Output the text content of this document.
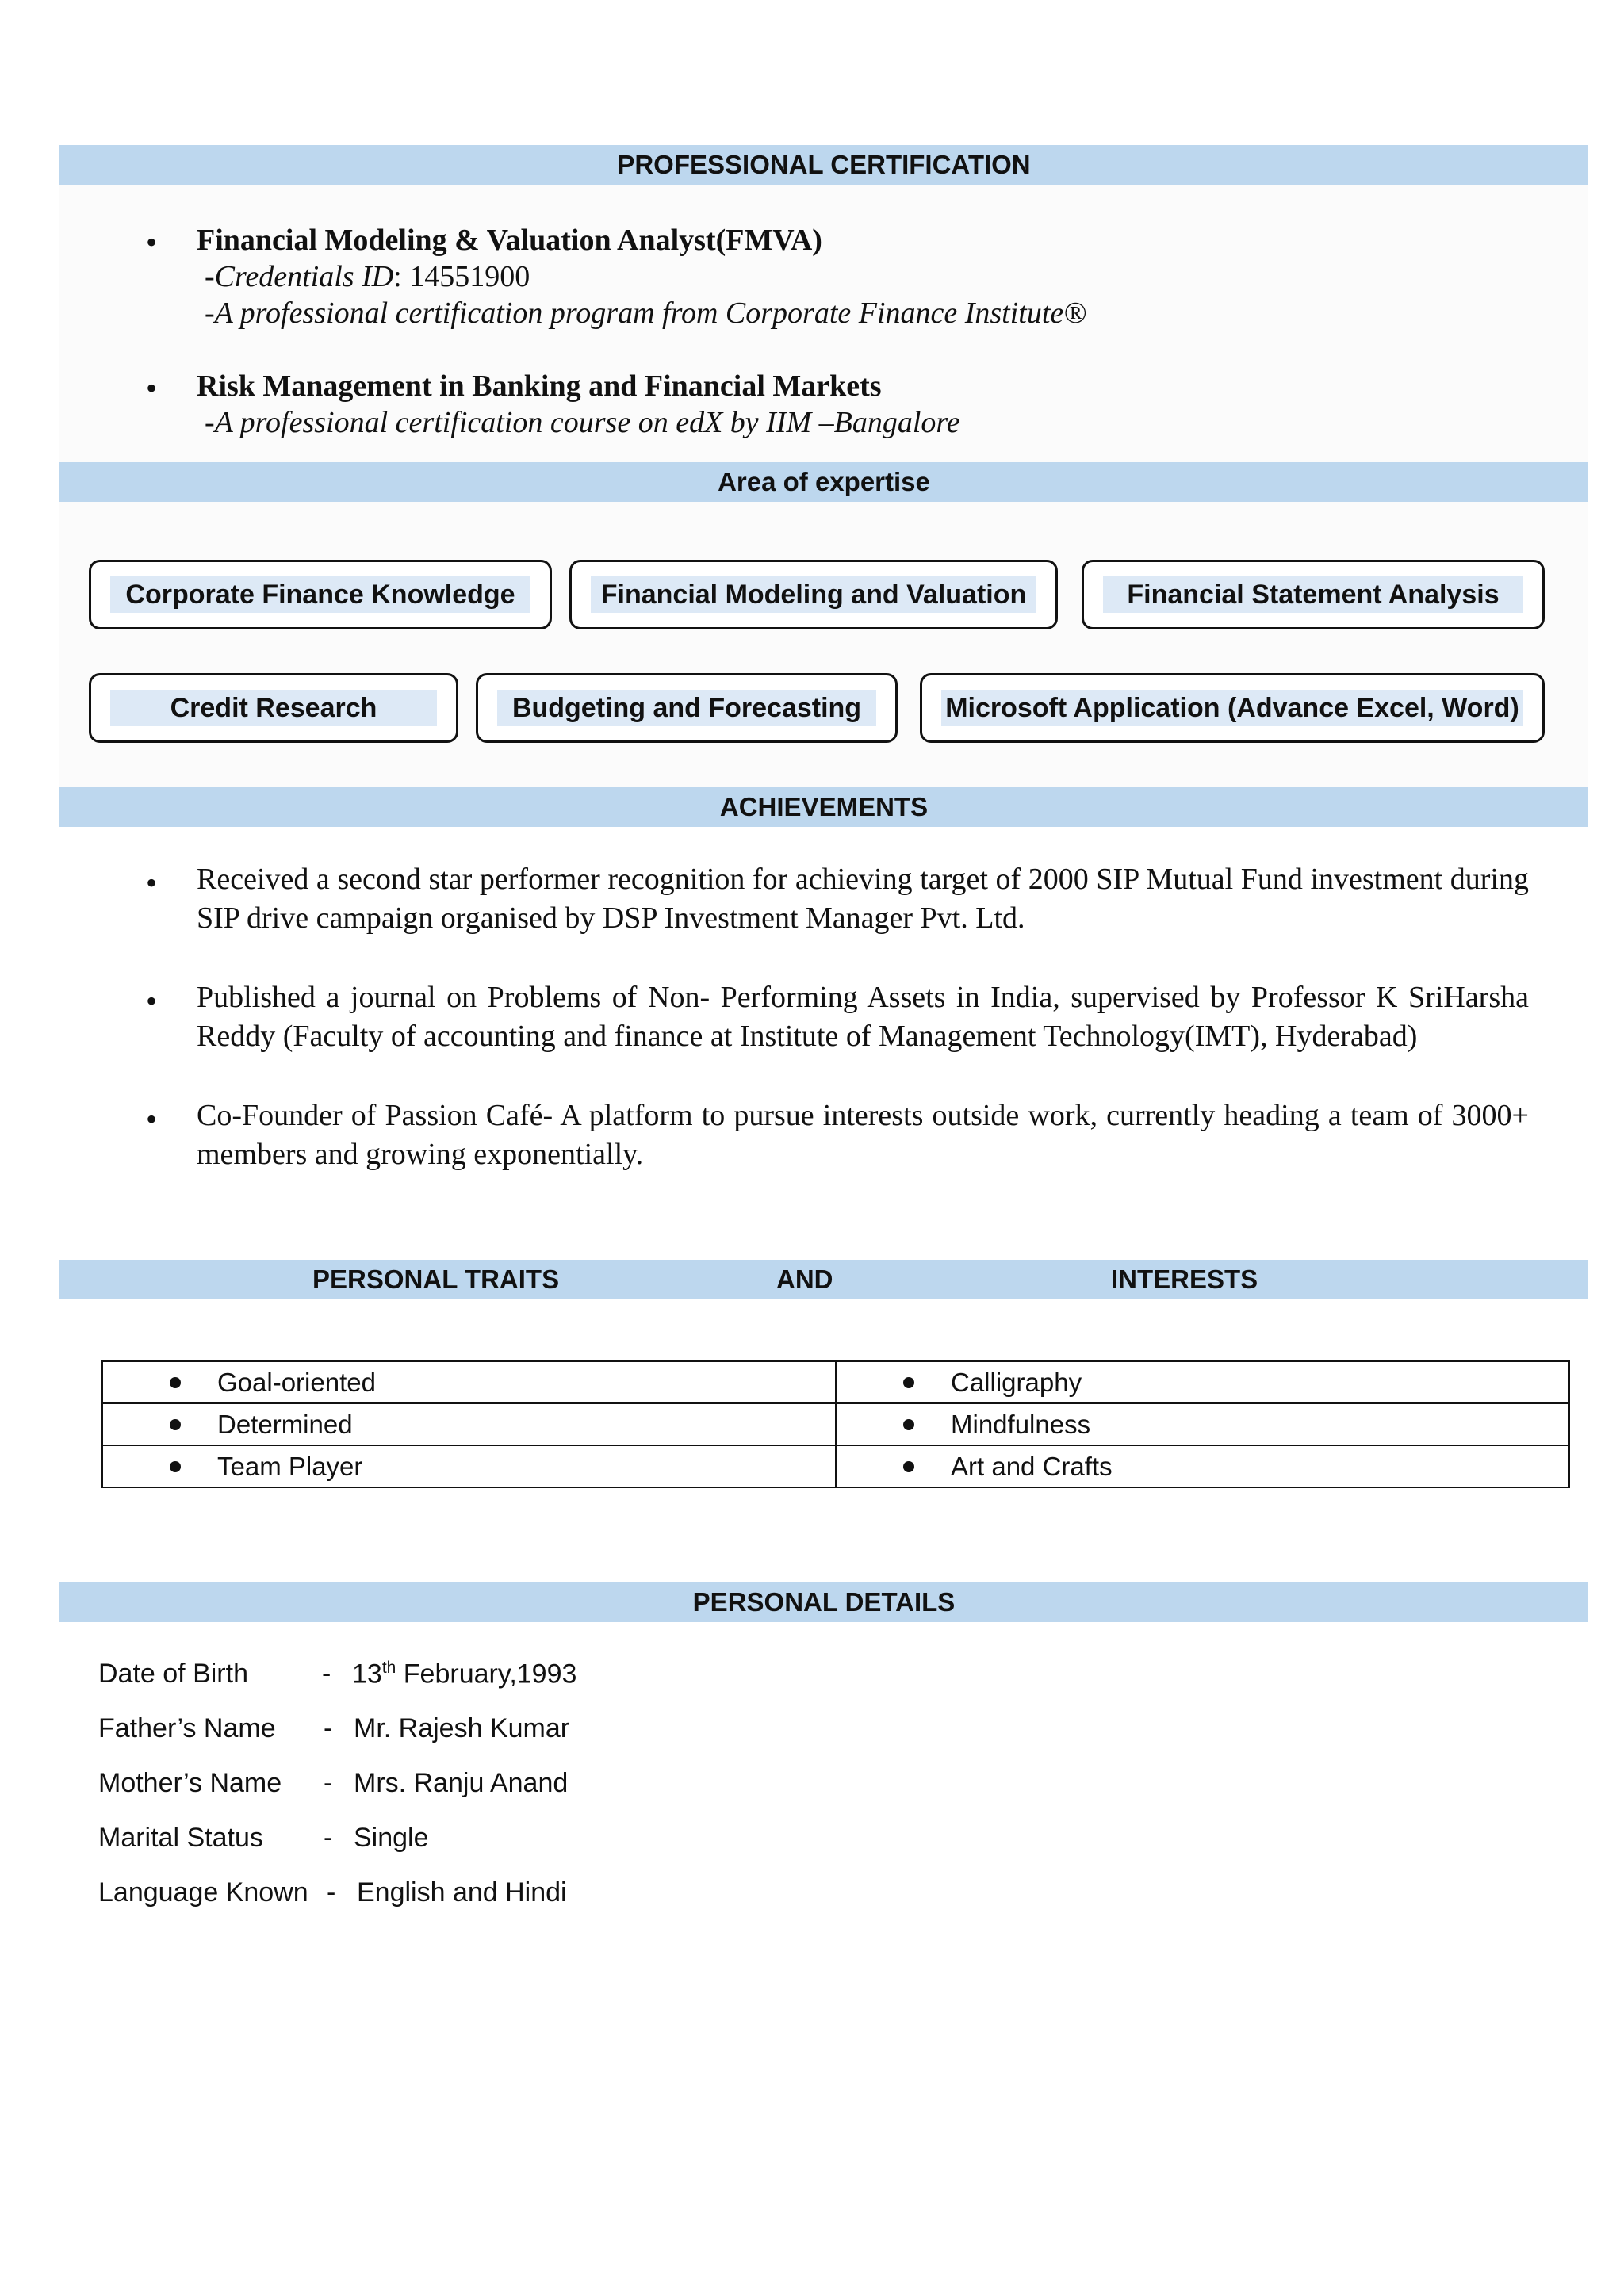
PROFESSIONAL CERTIFICATION
• Financial Modeling & Valuation Analyst(FMVA)
-Credentials ID: 14551900
-A professional certification program from Corporate Finance Institute®
• Risk Management in Banking and Financial Markets
-A professional certification course on edX by IIM –Bangalore
Area of expertise
Corporate Finance Knowledge	Financial Modeling and Valuation	Financial Statement Analysis
Credit Research	Budgeting and Forecasting	Microsoft Application (Advance Excel, Word)
ACHIEVEMENTS
• Received a second star performer recognition for achieving target of 2000 SIP Mutual Fund investment during SIP drive campaign organised by DSP Investment Manager Pvt. Ltd.
• Published a journal on Problems of Non- Performing Assets in India, supervised by Professor K SriHarsha Reddy (Faculty of accounting and finance at Institute of Management Technology(IMT), Hyderabad)
• Co-Founder of Passion Café- A platform to pursue interests outside work, currently heading a team of 3000+ members and growing exponentially.
PERSONAL TRAITS	AND	INTERESTS
Goal-oriented	Calligraphy

Determined	Mindfulness

Team Player	Art and Crafts
PERSONAL DETAILS
Date of Birth	- 13th February,1993
Father’s Name - Mr. Rajesh Kumar
Mother’s Name - Mrs. Ranju Anand
Marital Status - Single
Language Known - English and Hindi
